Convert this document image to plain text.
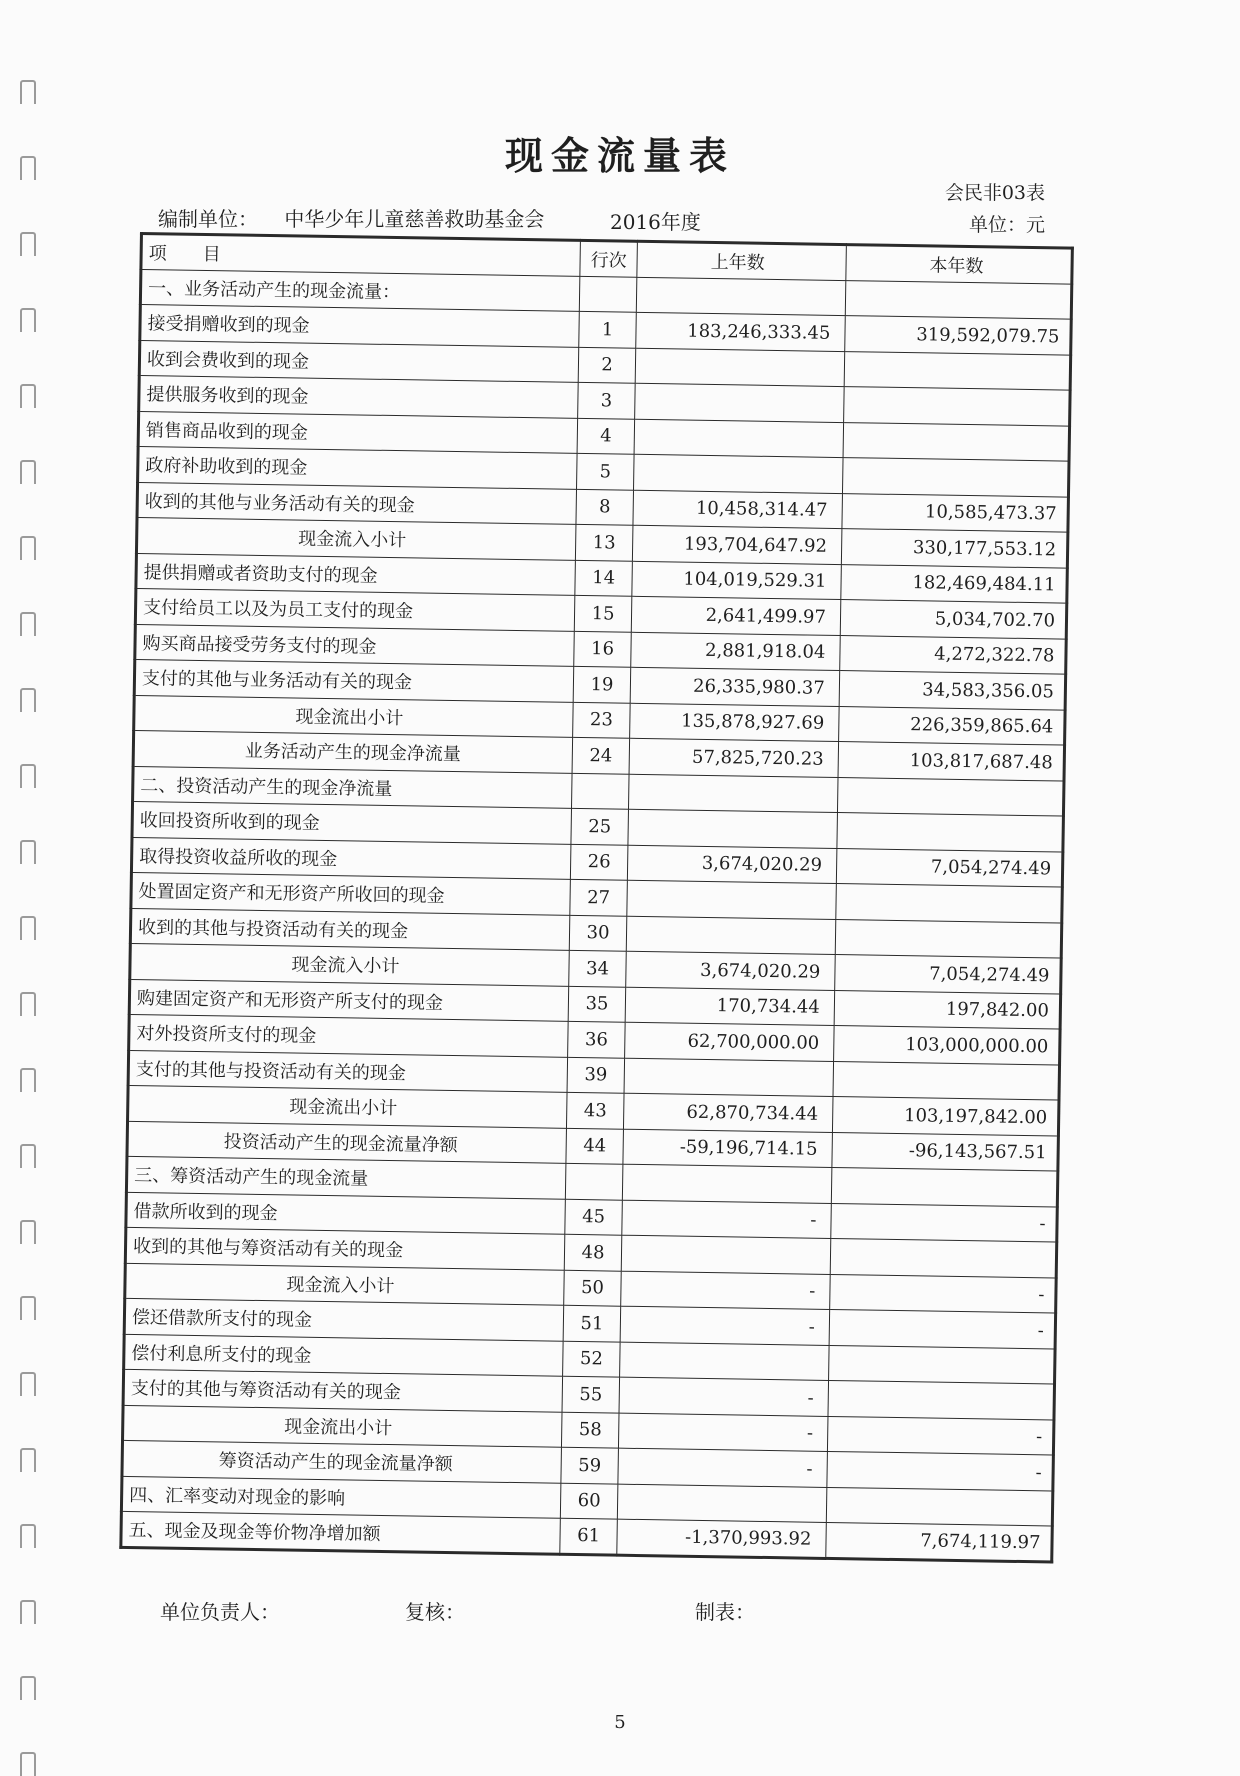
现金流量表
会民非03表
编制单位： 中华少年儿童慈善救助基金会	2016年度	单位：元
项　　目	行次	上年数	本年数
一、业务活动产生的现金流量：			
接受捐赠收到的现金	1	183,246,333.45	319,592,079.75
收到会费收到的现金	2		
提供服务收到的现金	3		
销售商品收到的现金	4		
政府补助收到的现金	5		
收到的其他与业务活动有关的现金	8	10,458,314.47	10,585,473.37
现金流入小计	13	193,704,647.92	330,177,553.12
提供捐赠或者资助支付的现金	14	104,019,529.31	182,469,484.11
支付给员工以及为员工支付的现金	15	2,641,499.97	5,034,702.70
购买商品接受劳务支付的现金	16	2,881,918.04	4,272,322.78
支付的其他与业务活动有关的现金	19	26,335,980.37	34,583,356.05
现金流出小计	23	135,878,927.69	226,359,865.64
业务活动产生的现金净流量	24	57,825,720.23	103,817,687.48
二、投资活动产生的现金净流量			
收回投资所收到的现金	25		
取得投资收益所收的现金	26	3,674,020.29	7,054,274.49
处置固定资产和无形资产所收回的现金	27		
收到的其他与投资活动有关的现金	30		
现金流入小计	34	3,674,020.29	7,054,274.49
购建固定资产和无形资产所支付的现金	35	170,734.44	197,842.00
对外投资所支付的现金	36	62,700,000.00	103,000,000.00
支付的其他与投资活动有关的现金	39		
现金流出小计	43	62,870,734.44	103,197,842.00
投资活动产生的现金流量净额	44	-59,196,714.15	-96,143,567.51
三、筹资活动产生的现金流量			
借款所收到的现金	45	-	-
收到的其他与筹资活动有关的现金	48		
现金流入小计	50	-	-
偿还借款所支付的现金	51	-	-
偿付利息所支付的现金	52		
支付的其他与筹资活动有关的现金	55	-	
现金流出小计	58	-	-
筹资活动产生的现金流量净额	59	-	-
四、汇率变动对现金的影响	60		
五、现金及现金等价物净增加额	61	-1,370,993.92	7,674,119.97
单位负责人：	复核：	制表：
5
